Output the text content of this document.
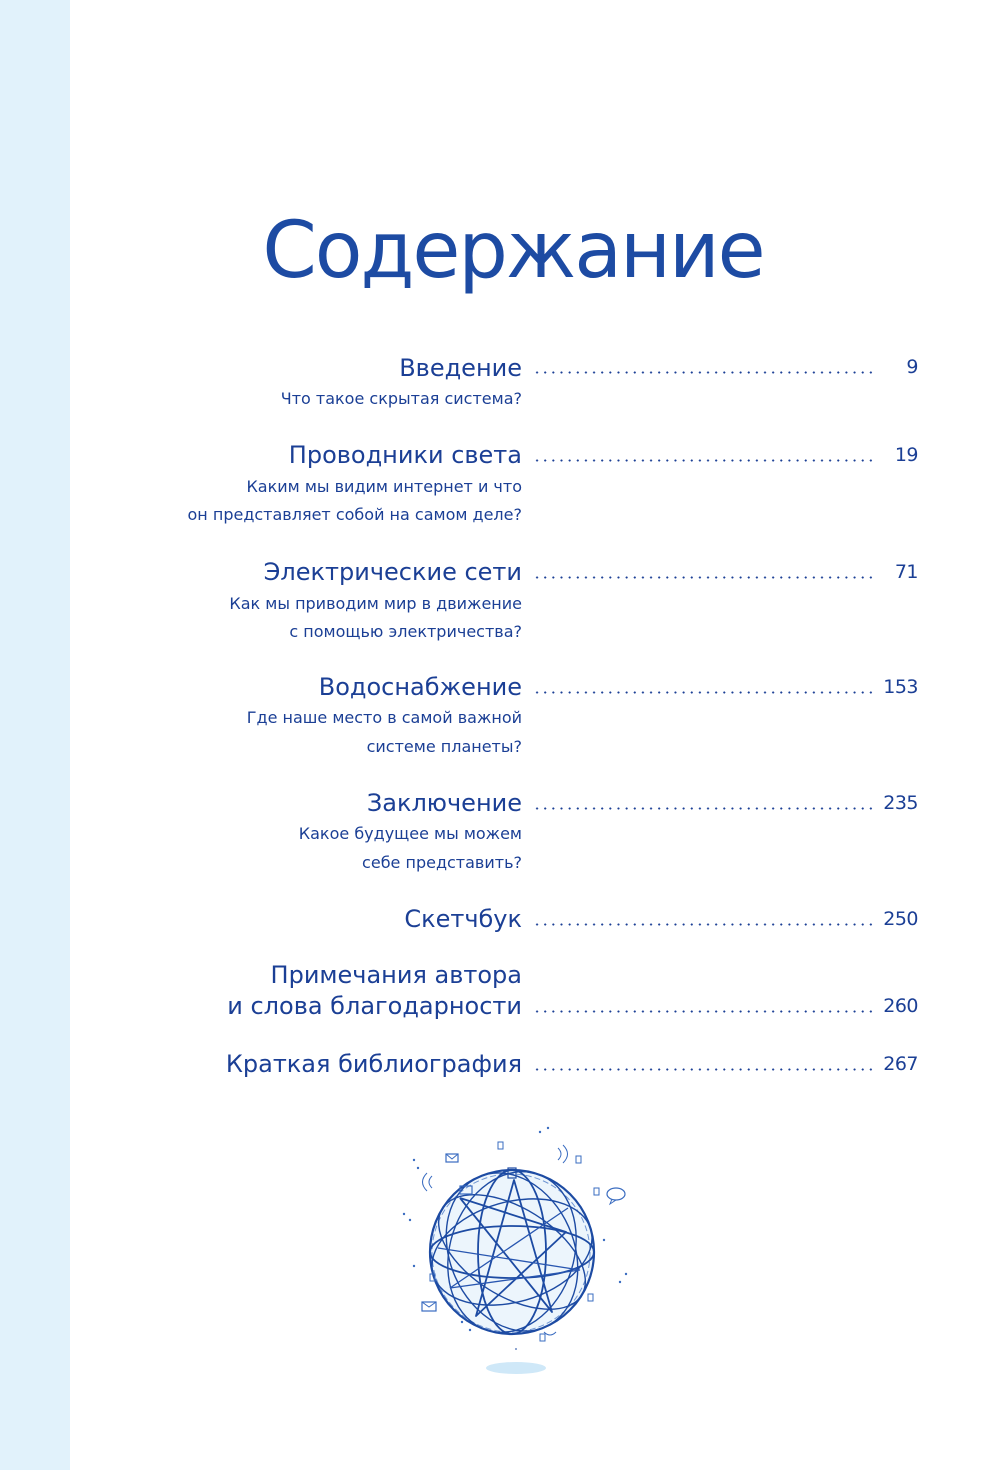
Содержание
Введение	9
Что такое скрытая система?
Проводники света	19
Каким мы видим интернет и что
он представляет собой на самом деле?
Электрические сети	71
Как мы приводим мир в движение
с помощью электричества?
Водоснабжение	153
Где наше место в самой важной
системе планеты?
Заключение	235
Какое будущее мы можем
себе представить?
Скетчбук	250
Примечания автора
и слова благодарности	260
Краткая библиография	267
